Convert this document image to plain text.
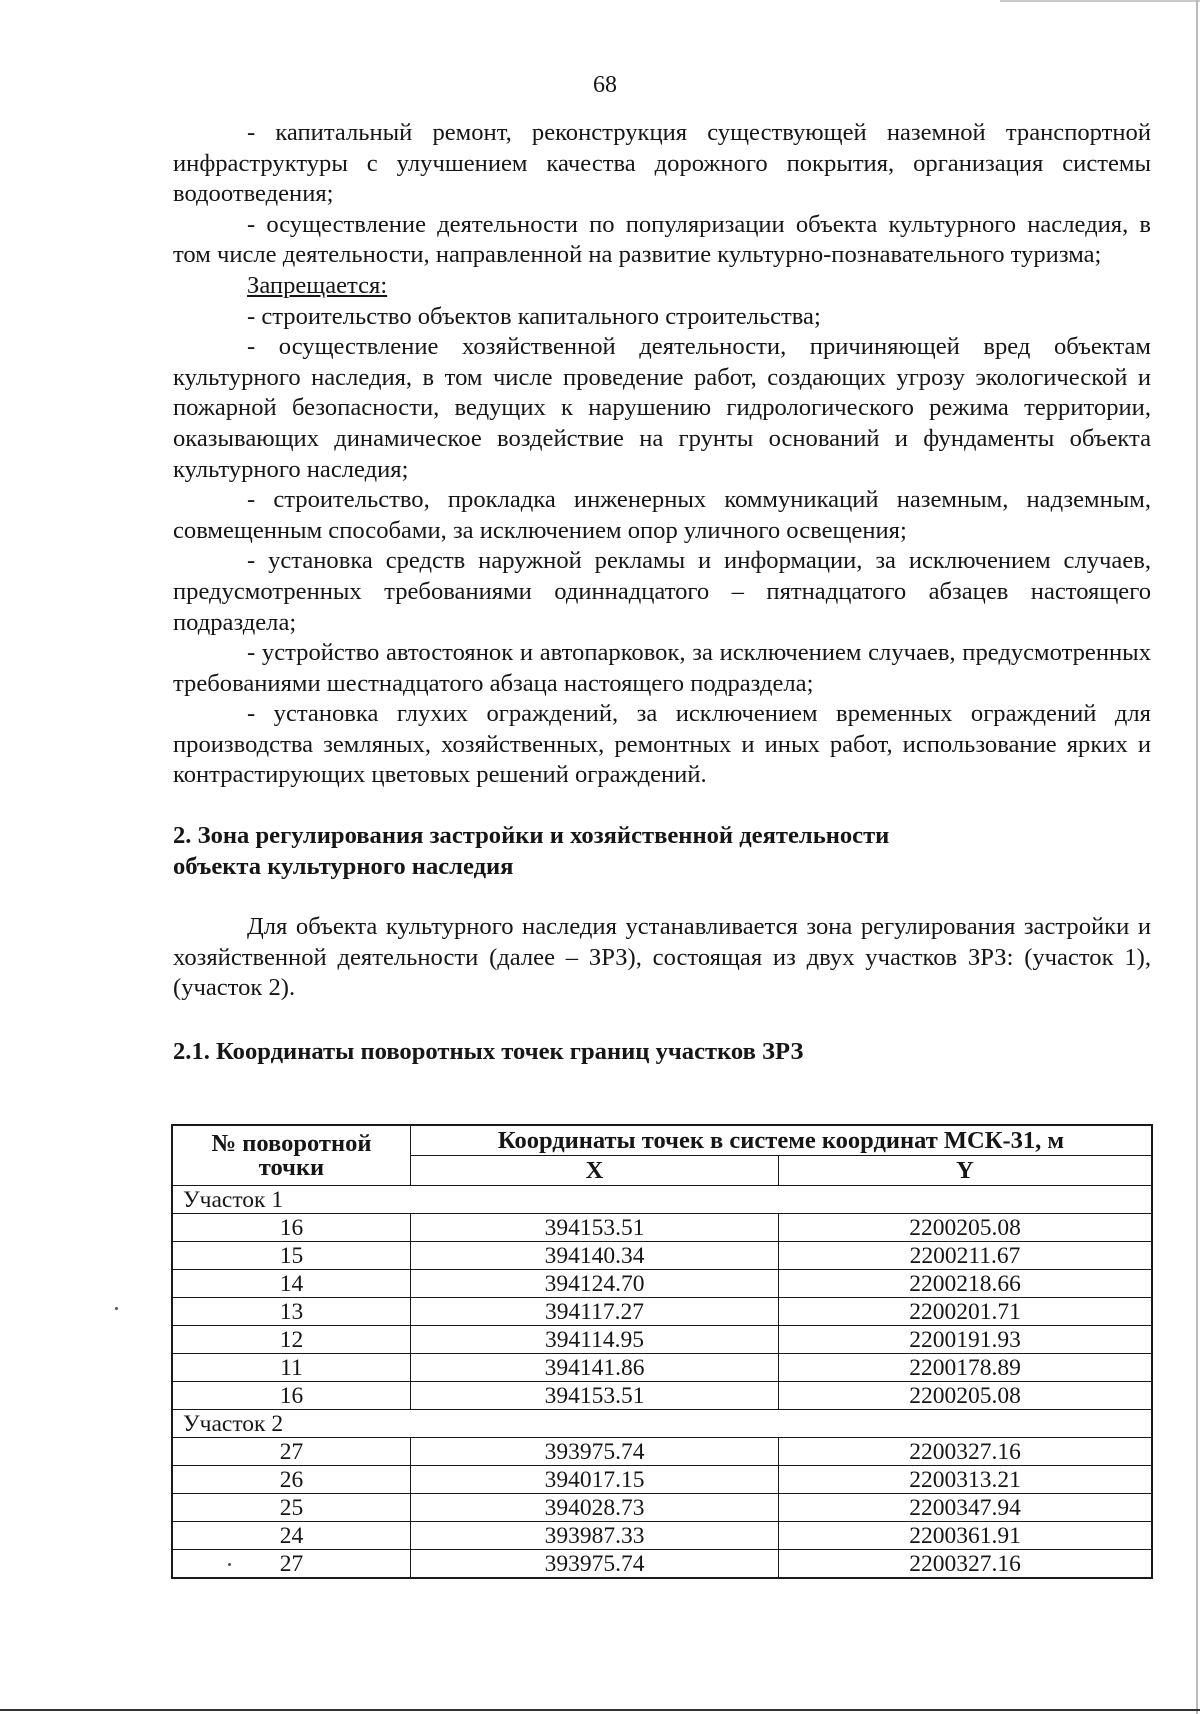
68

- капитальный ремонт, реконструкция существующей наземной транспортной инфраструктуры с улучшением качества дорожного покрытия, организация системы водоотведения;

- осуществление деятельности по популяризации объекта культурного наследия, в том числе деятельности, направленной на развитие культурно-познавательного туризма;

Запрещается:

- строительство объектов капитального строительства;

- осуществление хозяйственной деятельности, причиняющей вред объектам культурного наследия, в том числе проведение работ, создающих угрозу экологической и пожарной безопасности, ведущих к нарушению гидрологического режима территории, оказывающих динамическое воздействие на грунты оснований и фундаменты объекта культурного наследия;

- строительство, прокладка инженерных коммуникаций наземным, надземным, совмещенным способами, за исключением опор уличного освещения;

- установка средств наружной рекламы и информации, за исключением случаев, предусмотренных требованиями одиннадцатого – пятнадцатого абзацев настоящего подраздела;

- устройство автостоянок и автопарковок, за исключением случаев, предусмотренных требованиями шестнадцатого абзаца настоящего подраздела;

- установка глухих ограждений, за исключением временных ограждений для производства земляных, хозяйственных, ремонтных и иных работ, использование ярких и контрастирующих цветовых решений ограждений.

2. Зона регулирования застройки и хозяйственной деятельности

объекта культурного наследия

Для объекта культурного наследия устанавливается зона регулирования застройки и хозяйственной деятельности (далее – ЗРЗ), состоящая из двух участков ЗРЗ: (участок 1), (участок 2).

2.1. Координаты поворотных точек границ участков ЗРЗ

№ поворотной точки	Координаты точек в системе координат МСК-31, м	
	X	Y
Участок 1		
16	394153.51	2200205.08
15	394140.34	2200211.67
14	394124.70	2200218.66
13	394117.27	2200201.71
12	394114.95	2200191.93
11	394141.86	2200178.89
16	394153.51	2200205.08
Участок 2		
27	393975.74	2200327.16
26	394017.15	2200313.21
25	394028.73	2200347.94
24	393987.33	2200361.91
27	393975.74	2200327.16
